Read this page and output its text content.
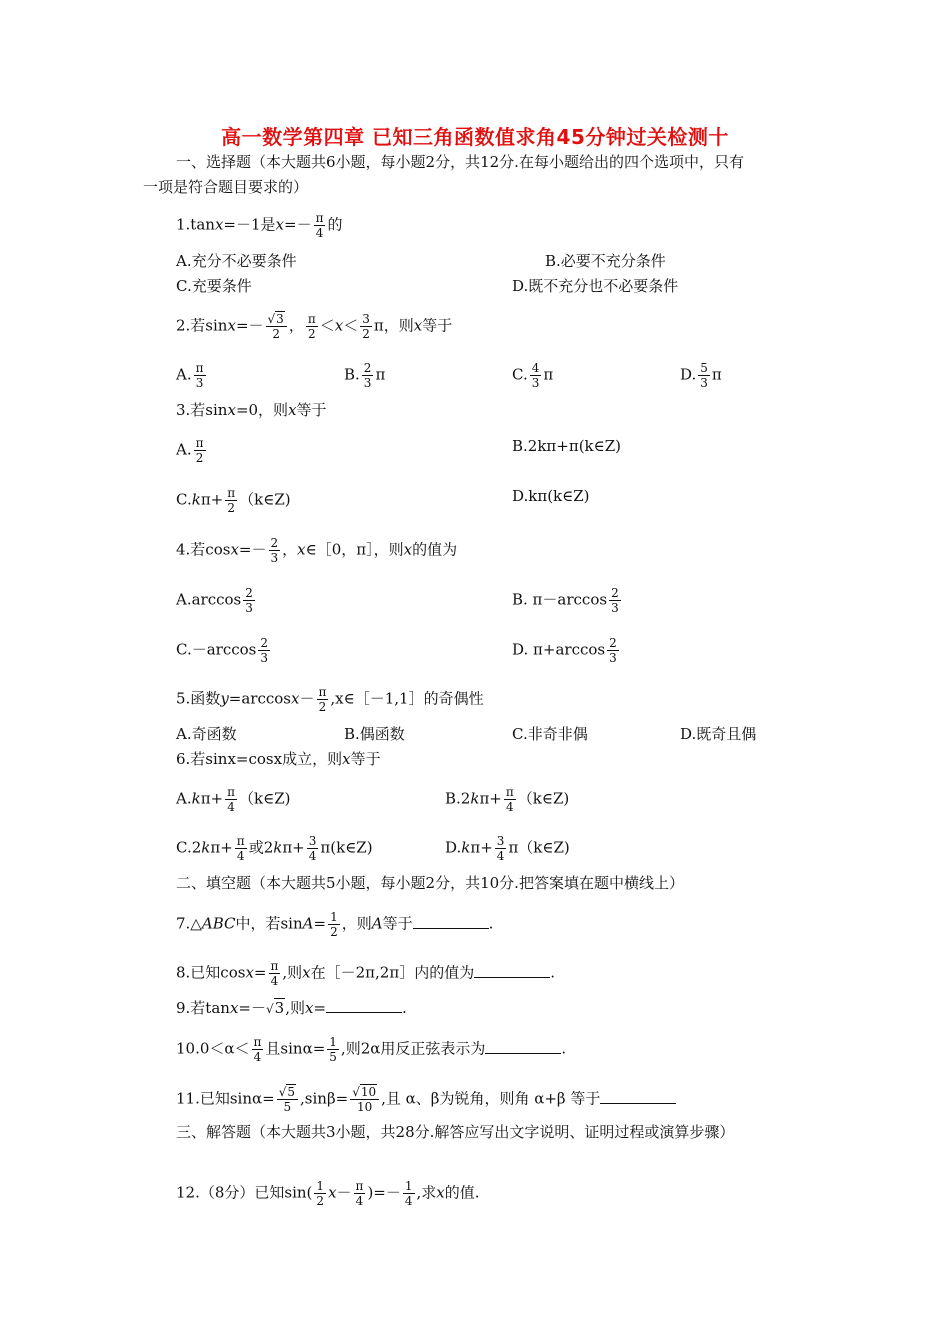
高一数学第四章 已知三角函数值求角45分钟过关检测十
一、选择题（本大题共6小题，每小题2分，共12分.在每小题给出的四个选项中，只有
一项是符合题目要求的）
1.tanx=－1是$x=- \frac{\pi}{4}$ 的
A.充分不必要条件	B.必要不充分条件
C.充要条件	D.既不充分也不必要条件
2.若$\sin x=- \frac{√3}{2}$ ， $\frac{\pi}{2} <x< \frac{3}{2}$ π，则x等于
A. $\frac{\pi}{3}$	B. $\frac{2}{3}$ π	C. $\frac{4}{3}$ π	D. $\frac{5}{3}$ π
3.若sinx=0，则x等于
A. $\frac{\pi}{2}$	B.2kπ+π(k∈Z)
$C.k\pi+ \frac{\pi}{2}$ （k∈Z)	D.kπ(k∈Z)
4.若$\cos x=- \frac{2}{3}$ ，x∈［0，π］，则x的值为
$A.\arccos \frac{2}{3}$	B. $\pi-\arccos \frac{2}{3}$
$C.-\arccos \frac{2}{3}$	D. $\pi+\arccos \frac{2}{3}$
5.函数$y=\arccos x- \frac{\pi}{2}$ ,x∈［－1,1］的奇偶性
A.奇函数	B.偶函数	C.非奇非偶	D.既奇且偶
6.若sinx=cosx成立，则x等于
$A.k\pi+ \frac{\pi}{4}$ （k∈Z)	$B.2k\pi+ \frac{\pi}{4}$ （k∈Z)
$C.2k\pi+ \frac{\pi}{4}$ 或$2k\pi+ \frac{3}{4}$ π(k∈Z)	$D.k\pi+ \frac{3}{4}$ π（k∈Z)
二、填空题（本大题共5小题，每小题2分，共10分.把答案填在题中横线上）
7.△ABC中，若$\sin A= \frac{1}{2}$ ，则A等于	.
8.已知$\cos x= \frac{\pi}{4}$ ,则x在［－2π,2π］内的值为	.
9.若tanx=－√3,则x=	.
$10.0<\alpha< \frac{\pi}{4}$ 且$\sin\alpha= \frac{1}{5}$ ,则2α用反正弦表示为	.
11.已知$\sin\alpha= \frac{√5}{5} ,\sin\beta= \frac{√10}{10}$ ,且 α、β为锐角，则角 α+β 等于
三、解答题（本大题共3小题，共28分.解答应写出文字说明、证明过程或演算步骤）
12.（8分）已知$\sin( \frac{1}{2} x- \frac{\pi}{4}$ )=－ $\frac{1}{4}$ ,求x的值.
